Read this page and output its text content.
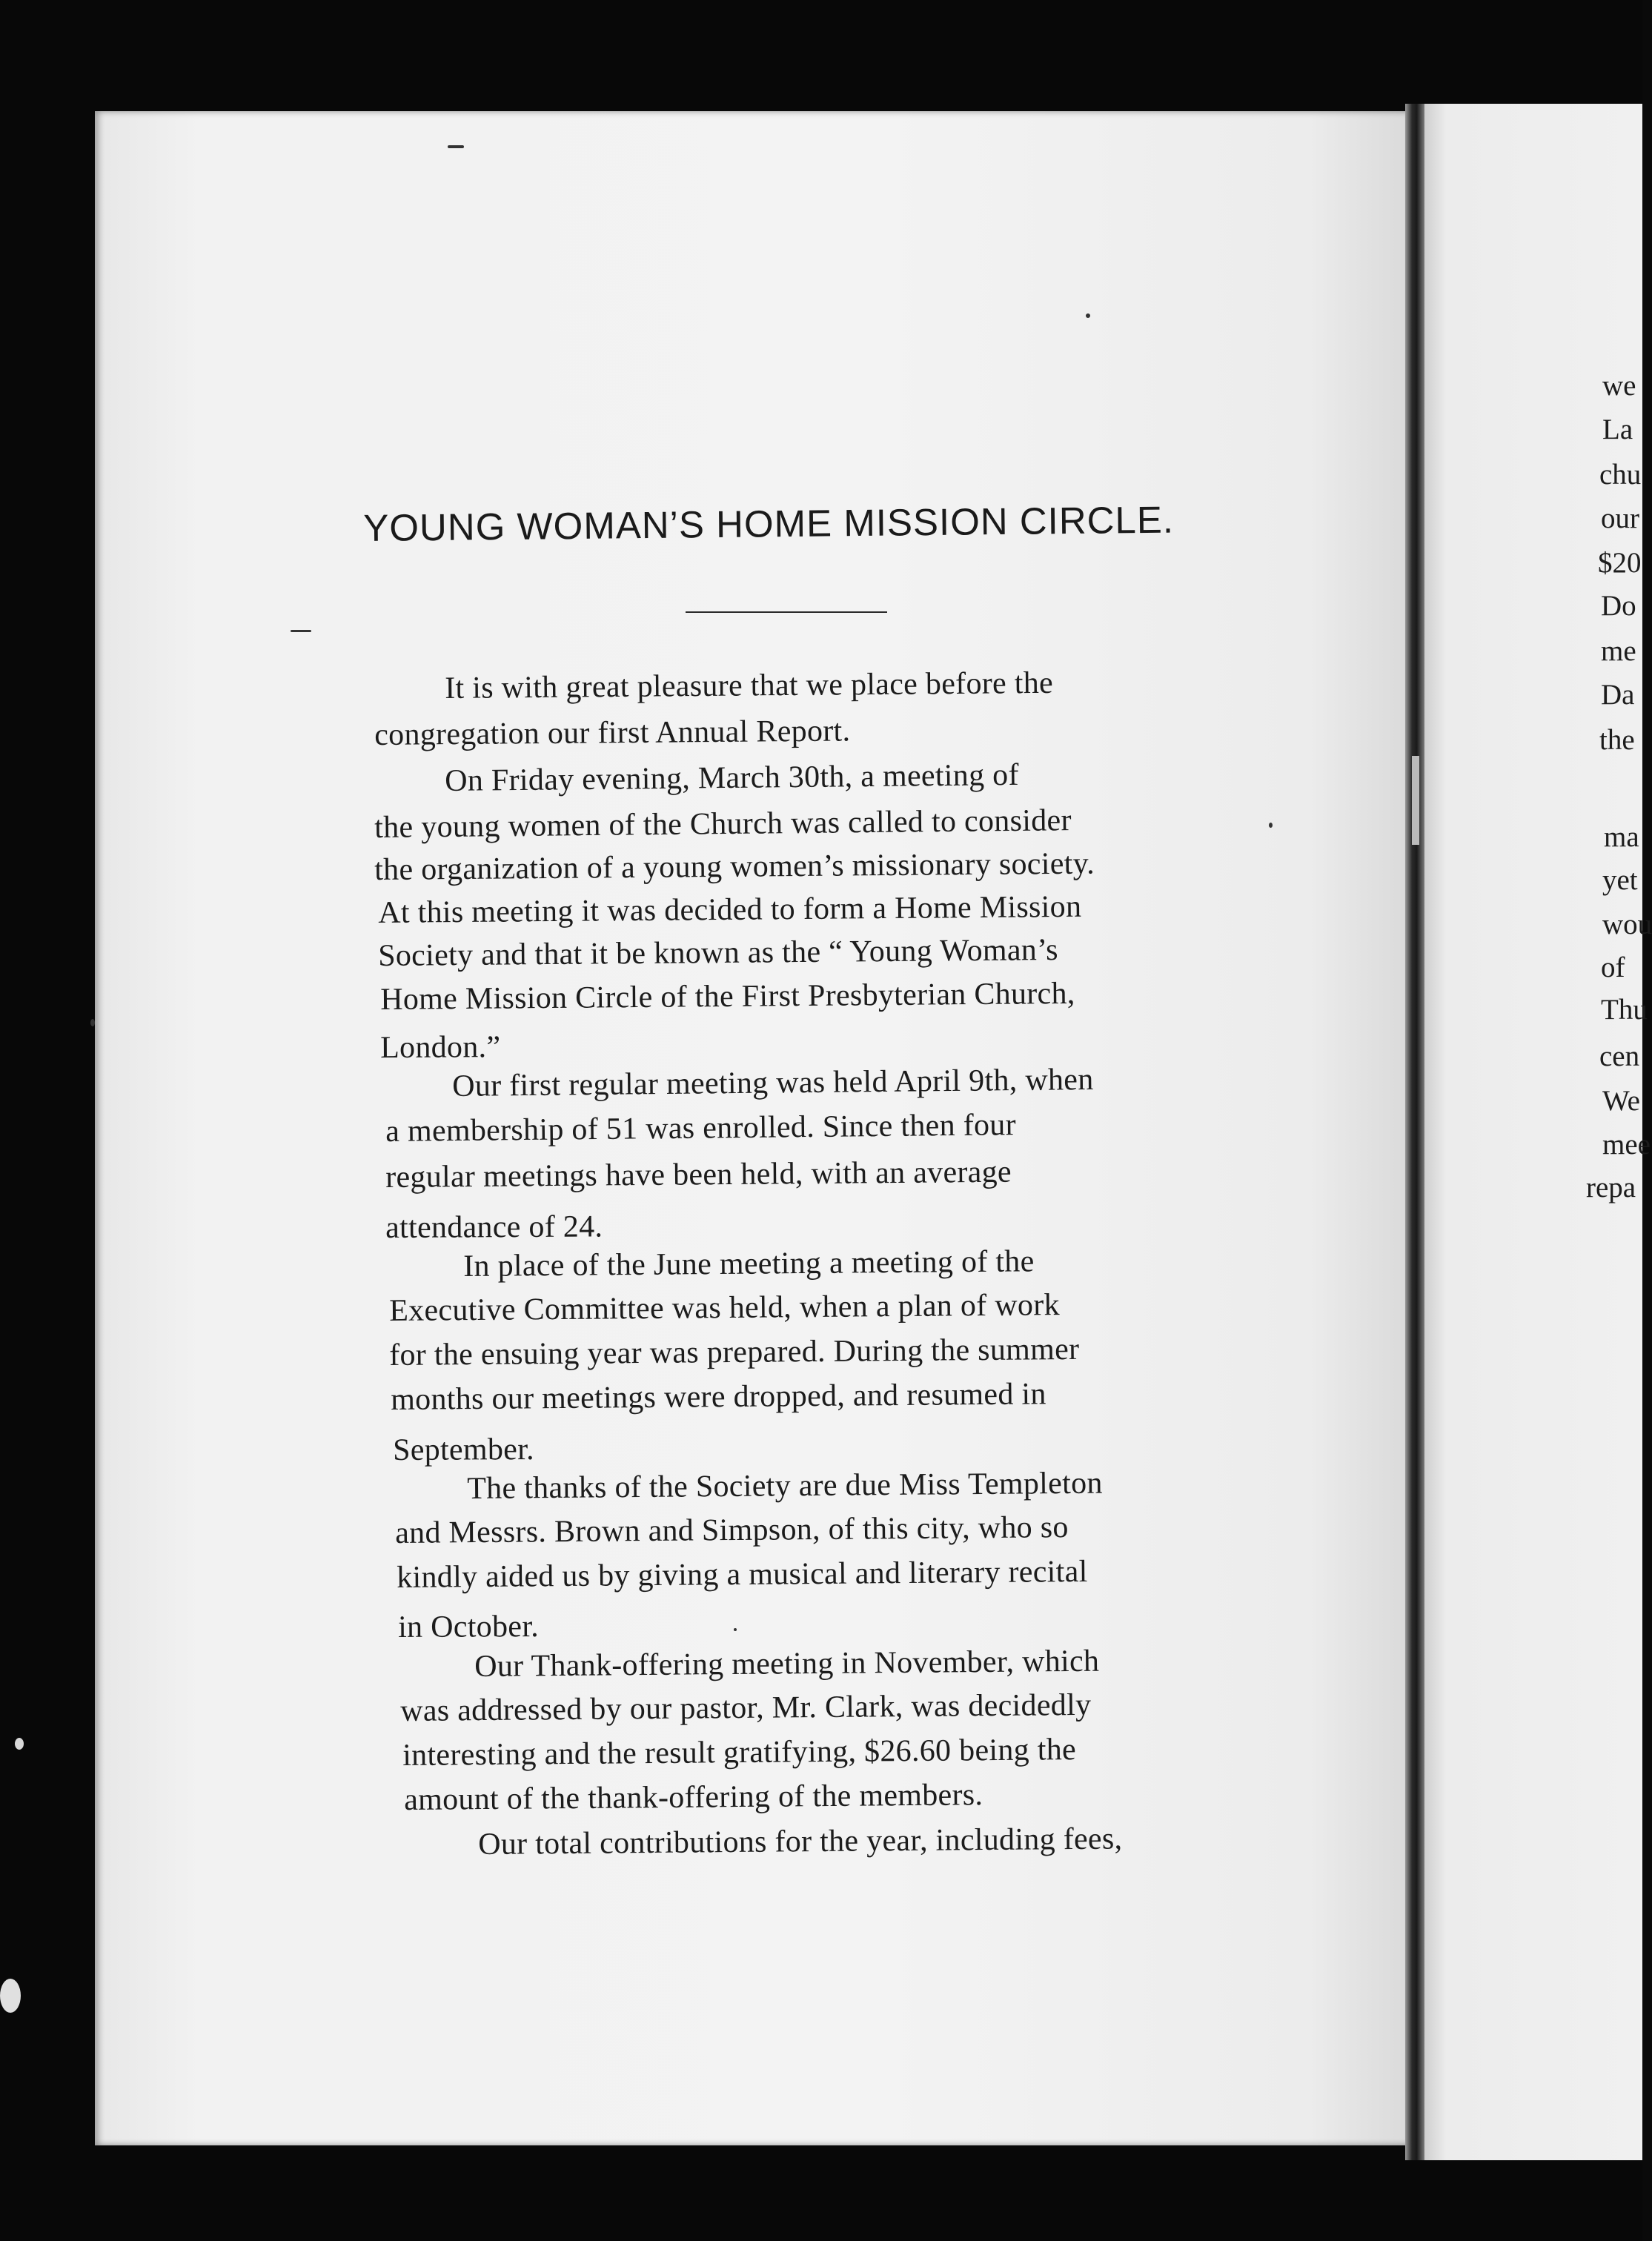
YOUNG WOMAN’S HOME MISSION CIRCLE.
It is with great pleasure that we place before the
congregation our first Annual Report.
On Friday evening, March 30th, a meeting of
the young women of the Church was called to consider
the organization of a young women’s missionary society.
At this meeting it was decided to form a Home Mission
Society and that it be known as the “ Young Woman’s
Home Mission Circle of the First Presbyterian Church,
London.”
Our first regular meeting was held April 9th, when
a membership of 51 was enrolled. Since then four
regular meetings have been held, with an average
attendance of 24.
In place of the June meeting a meeting of the
Executive Committee was held, when a plan of work
for the ensuing year was prepared. During the summer
months our meetings were dropped, and resumed in
September.
The thanks of the Society are due Miss Templeton
and Messrs. Brown and Simpson, of this city, who so
kindly aided us by giving a musical and literary recital
in October.
Our Thank-offering meeting in November, which
was addressed by our pastor, Mr. Clark, was decidedly
interesting and the result gratifying, $26.60 being the
amount of the thank-offering of the members.
Our total contributions for the year, including fees,
we
La
chu
our
$20
Do
me
Da
the
ma
yet
wou
of
Thu
cen
We
mee
repa
